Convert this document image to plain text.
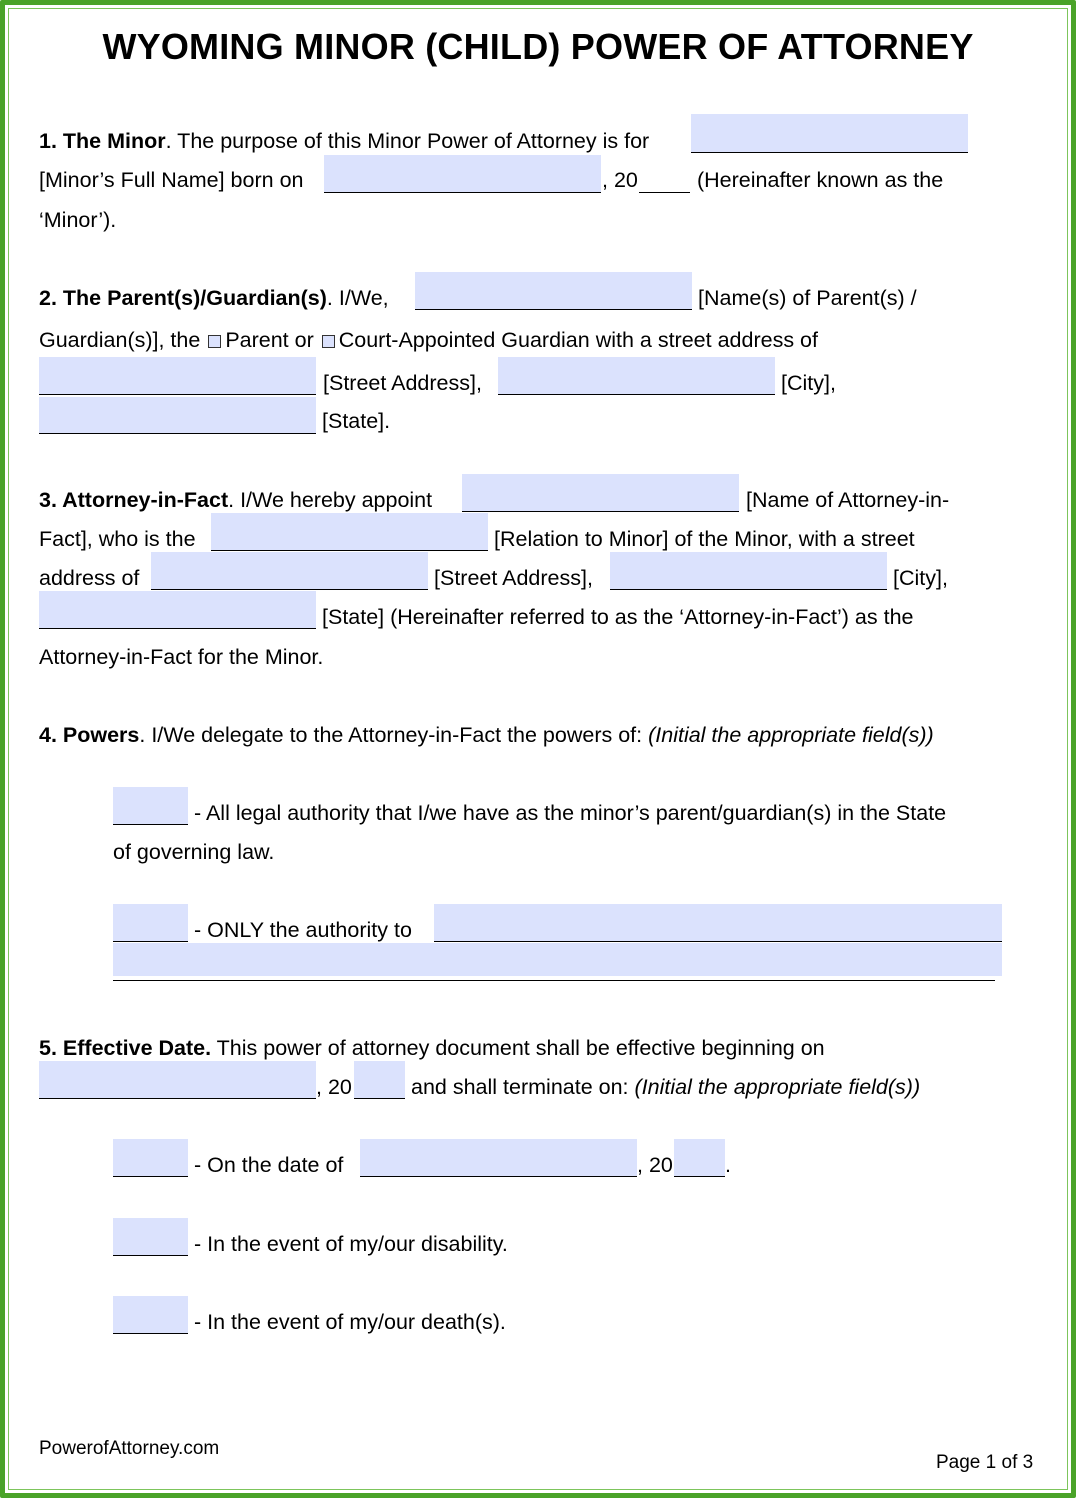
WYOMING MINOR (CHILD) POWER OF ATTORNEY
1. The Minor. The purpose of this Minor Power of Attorney is for
[Minor’s Full Name] born on	, 20	(Hereinafter known as the
‘Minor’).
2. The Parent(s)/Guardian(s). I/We,	[Name(s) of Parent(s) /
Guardian(s)], the Parent or Court-Appointed Guardian with a street address of
[Street Address],	[City],
[State].
3. Attorney-in-Fact. I/We hereby appoint	[Name of Attorney-in-
Fact], who is the	[Relation to Minor] of the Minor, with a street
address of	[Street Address],	[City],
[State] (Hereinafter referred to as the ‘Attorney-in-Fact’) as the
Attorney-in-Fact for the Minor.
4. Powers. I/We delegate to the Attorney-in-Fact the powers of: (Initial the appropriate field(s))
- All legal authority that I/we have as the minor’s parent/guardian(s) in the State
of governing law.
- ONLY the authority to
5. Effective Date. This power of attorney document shall be effective beginning on
, 20	and shall terminate on: (Initial the appropriate field(s))
- On the date of	, 20 .
- In the event of my/our disability.
- In the event of my/our death(s).
PowerofAttorney.com
Page 1 of 3
